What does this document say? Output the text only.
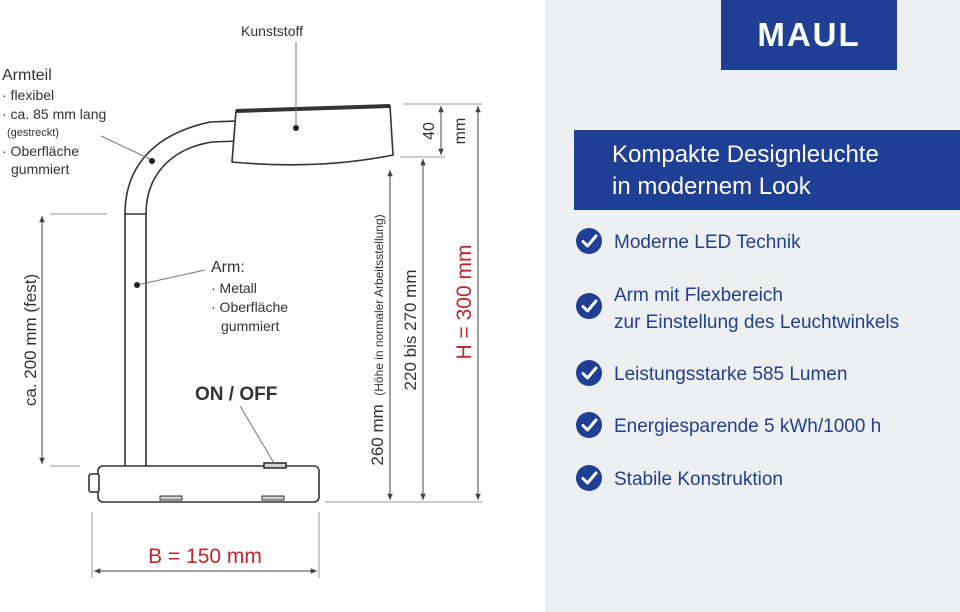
Kunststoff
Armteil
· flexibel
· ca. 85 mm lang
(gestreckt)
· Oberfläche
gummiert
Arm:
· Metall
· Oberfläche
gummiert
ON / OFF
ca. 200 mm (fest)
260 mm (Höhe in normaler Arbeitsstellung) 220 bis 270 mm
40 mm
H = 300 mm
B = 150 mm
MAUL
Kompakte Designleuchte
in modernem Look
Moderne LED Technik
Arm mit Flexbereich
zur Einstellung des Leuchtwinkels
Leistungsstarke 585 Lumen
Energiesparende 5 kWh/1000 h
Stabile Konstruktion
